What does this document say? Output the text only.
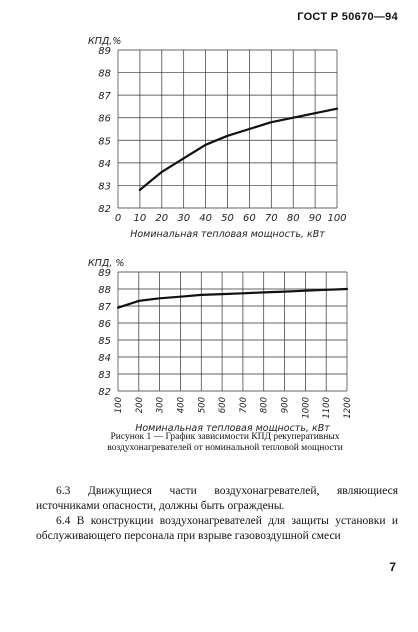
ГОСТ Р 50670—94
89
88
87
86
85
84
83
82
0 10 20 30 40 50 60 70 80 90 100
КПД,%
Номинальная тепловая мощность, кВт
89
88
87
86
85
84
83
82
100 200 300 400 500 600 700 800 900 1000 1100 1200
КПД, %
Номинальная тепловая мощность, кВт
Рисунок 1 — График зависимости КПД рекуперативных воздухонагревателей от номинальной тепловой мощности
6.3 Движущиеся части воздухонагревателей, являющиеся источниками опасности, должны быть ограждены.
6.4 В конструкции воздухонагревателей для защиты установки и обслуживающего персонала при взрыве газовоздушной смеси
7
